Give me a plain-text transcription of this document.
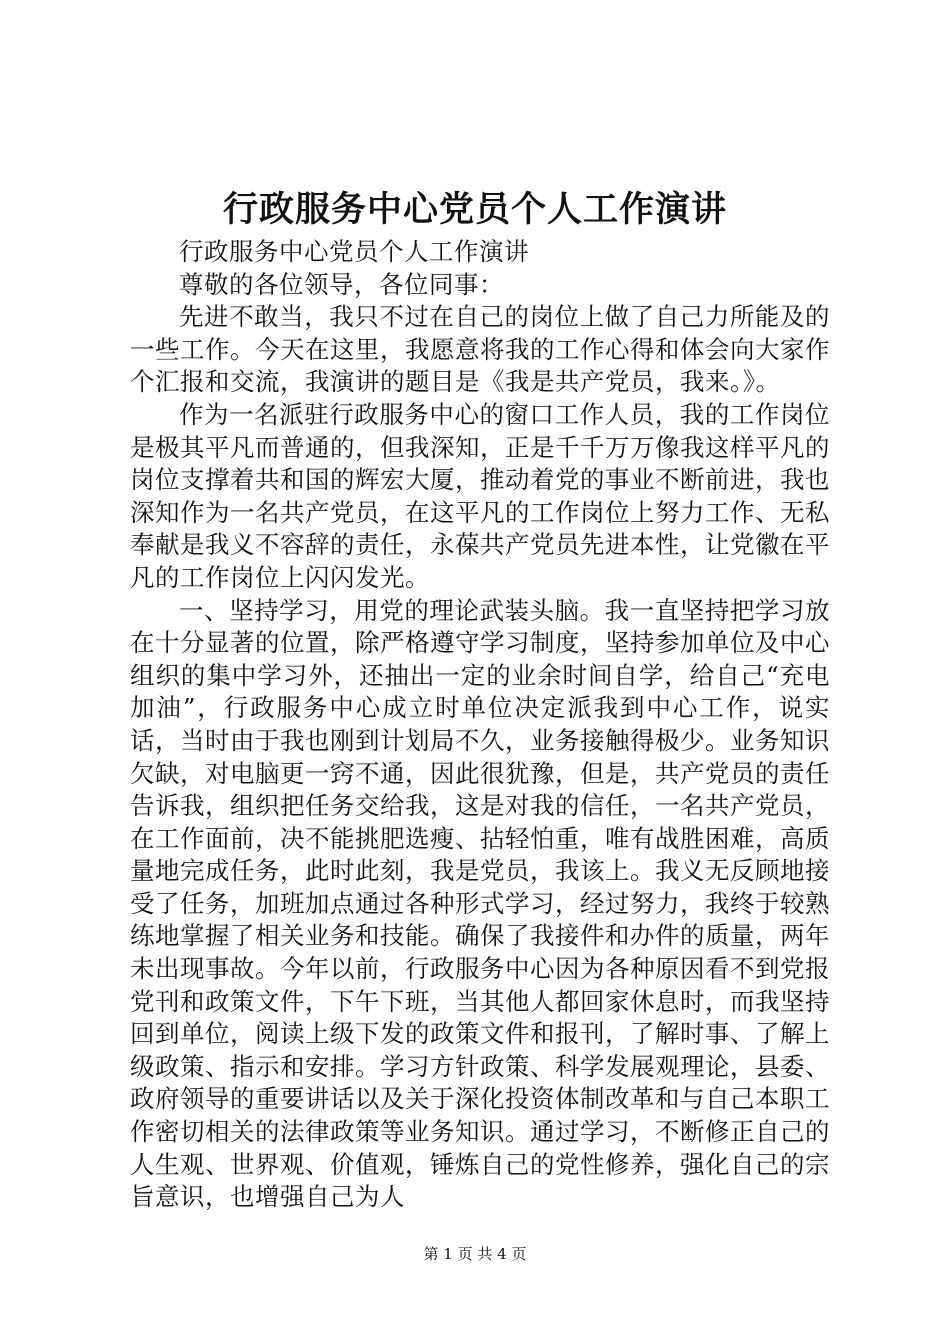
行政服务中心党员个人工作演讲

行政服务中心党员个人工作演讲

尊敬的各位领导，各位同事：

先进不敢当，我只不过在自己的岗位上做了自己力所能及的一些工作。今天在这里，我愿意将我的工作心得和体会向大家作个汇报和交流，我演讲的题目是《我是共产党员，我来。》。

作为一名派驻行政服务中心的窗口工作人员，我的工作岗位是极其平凡而普通的，但我深知，正是千千万万像我这样平凡的岗位支撑着共和国的辉宏大厦，推动着党的事业不断前进，我也深知作为一名共产党员，在这平凡的工作岗位上努力工作、无私奉献是我义不容辞的责任，永葆共产党员先进本性，让党徽在平凡的工作岗位上闪闪发光。

一、坚持学习，用党的理论武装头脑。我一直坚持把学习放在十分显著的位置，除严格遵守学习制度，坚持参加单位及中心组织的集中学习外，还抽出一定的业余时间自学，给自己“充电加油”，行政服务中心成立时单位决定派我到中心工作，说实话，当时由于我也刚到计划局不久，业务接触得极少。业务知识欠缺，对电脑更一窍不通，因此很犹豫，但是，共产党员的责任告诉我，组织把任务交给我，这是对我的信任，一名共产党员，在工作面前，决不能挑肥选瘦、拈轻怕重，唯有战胜困难，高质量地完成任务，此时此刻，我是党员，我该上。我义无反顾地接受了任务，加班加点通过各种形式学习，经过努力，我终于较熟练地掌握了相关业务和技能。确保了我接件和办件的质量，两年未出现事故。今年以前，行政服务中心因为各种原因看不到党报党刊和政策文件，下午下班，当其他人都回家休息时，而我坚持回到单位，阅读上级下发的政策文件和报刊，了解时事、了解上级政策、指示和安排。学习方针政策、科学发展观理论，县委、政府领导的重要讲话以及关于深化投资体制改革和与自己本职工作密切相关的法律政策等业务知识。通过学习，不断修正自己的人生观、世界观、价值观，锤炼自己的党性修养，强化自己的宗旨意识，也增强自己为人

第 1 页 共 4 页
